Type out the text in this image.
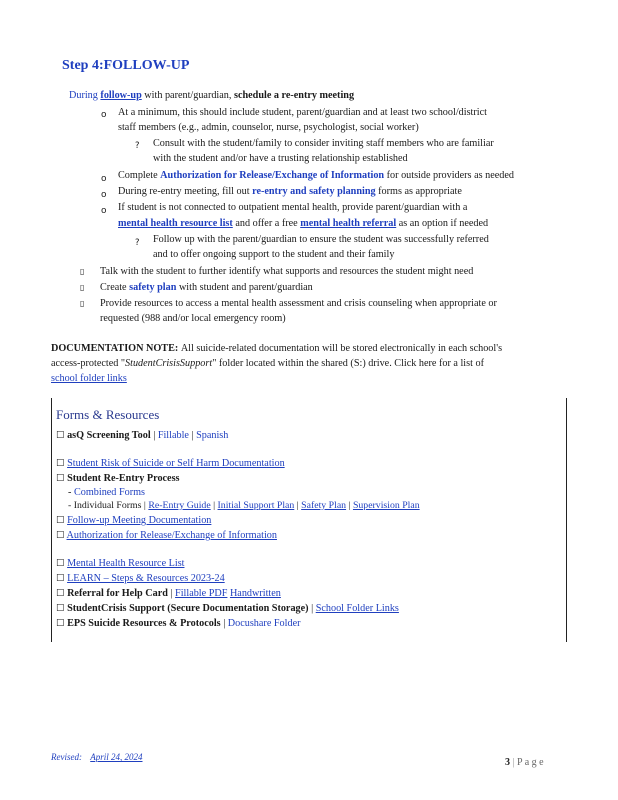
Step 4:FOLLOW-UP
During follow-up with parent/guardian, schedule a re-entry meeting
o At a minimum, this should include student, parent/guardian and at least two school/district
staff members (e.g., admin, counselor, nurse, psychologist, social worker)
? Consult with the student/family to consider inviting staff members who are familiar
with the student and/or have a trusting relationship established
o Complete Authorization for Release/Exchange of Information for outside providers as needed
o During re-entry meeting, fill out re-entry and safety planning forms as appropriate
o If student is not connected to outpatient mental health, provide parent/guardian with a
mental health resource list and offer a free mental health referral as an option if needed
? Follow up with the parent/guardian to ensure the student was successfully referred
and to offer ongoing support to the student and their family
▯ Talk with the student to further identify what supports and resources the student might need
▯ Create safety plan with student and parent/guardian
▯ Provide resources to access a mental health assessment and crisis counseling when appropriate or
requested (988 and/or local emergency room)
DOCUMENTATION NOTE: All suicide-related documentation will be stored electronically in each school's
access-protected "StudentCrisisSupport" folder located within the shared (S:) drive. Click here for a list of
school folder links
Forms & Resources
☐ asQ Screening Tool | Fillable | Spanish
☐ Student Risk of Suicide or Self Harm Documentation
☐ Student Re-Entry Process
- Combined Forms
- Individual Forms | Re-Entry Guide | Initial Support Plan | Safety Plan | Supervision Plan
☐ Follow-up Meeting Documentation
☐ Authorization for Release/Exchange of Information
☐ Mental Health Resource List
☐ LEARN – Steps & Resources 2023-24
☐ Referral for Help Card | Fillable PDF Handwritten
☐ StudentCrisis Support (Secure Documentation Storage) | School Folder Links
☐ EPS Suicide Resources & Protocols | Docushare Folder
Revised: April 24, 2024	3 | P a g e
